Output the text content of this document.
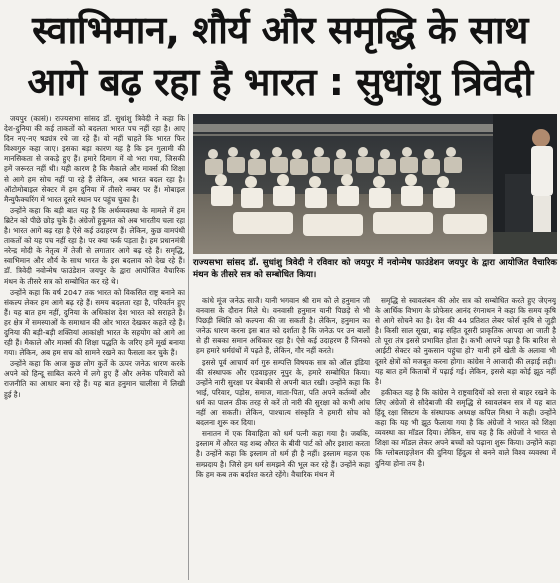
स्वाभिमान, शौर्य और समृद्धि के साथ
आगे बढ़ रहा है भारत : सुधांशु त्रिवेदी

जयपुर (कासं)। राज्यसभा सांसद डॉ. सुधांशु त्रिवेदी ने कहा कि देश-दुनिया की कई ताकतों को बदलता भारत पच नहीं रहा है। आए दिन नए-नए षड्यंत्र रचे जा रहे हैं। वो नहीं चाहते कि भारत फिर विश्वगुरु कहा जाए। इसका बड़ा कारण यह है कि इन गुलामी की मानसिकता से जकड़े हुए हैं। हमारे दिमाग में वो भरा गया, जिसकी हमें जरूरत नहीं थी। यही कारण है कि मैकाले और मार्क्स की शिक्षा से आगे हम सोच नहीं पा रहे हैं लेकिन, अब भारत बदल रहा है। ऑटोमोबाइल सेक्टर में हम दुनिया में तीसरे नम्बर पर हैं। मोबाइल मैन्युफैक्चरिंग में भारत दूसरे स्थान पर पहुंच चुका है।

उन्होंने कहा कि बड़ी बात यह है कि अर्थव्यवस्था के मामले में हम ब्रिटेन को पीछे छोड़ चुके हैं। अंग्रेजों हुकूमत को अब भारतीय चला रहा है। भारत आगे बढ़ रहा है ऐसे कई उदाहरण हैं। लेकिन, कुछ वामपंथी ताकतों को यह पच नहीं रहा है। पर क्या फर्क पड़ता है। हम प्रधानमंत्री नरेन्द्र मोदी के नेतृत्व में तेजी से लगातार आगे बढ़ रहे हैं। समृद्धि, स्वाभिमान और शौर्य के साथ भारत के इस बदलाव को देख रहे हैं। डॉ. त्रिवेदी नवोन्मेष फाउंडेशन जयपुर के द्वारा आयोजित वैचारिक मंथन के तीसरे सत्र को सम्बोधित कर रहे थे।

उन्होंने कहा कि वर्ष 2047 तक भारत को विकसित राष्ट्र बनाने का संकल्प लेकर हम आगे बढ़ रहे हैं। समय बदलता रहा है, परिवर्तन हुए हैं। यह बात हम नहीं, दुनिया के अधिकांश देश भारत को सराहते हैं। हर क्षेत्र में समस्याओं के समाधान की ओर भारत देखकर कहते रहे हैं। दुनिया की बड़ी-बड़ी शक्तियां आकांक्षी भारत के सहयोग को आगे आ रही हैं। मैकाले और मार्क्स की शिक्षा पद्धति के जरिए हमें मूर्ख बनाया गया। लेकिन, अब हम सच को सामने रखने का फैसला कर चुके हैं।

उन्होंने कहा कि आज कुछ लोग कुर्ते के ऊपर जनेऊ धारण करके अपने को हिन्दू साबित करने में लगे हुए हैं और अनेक परिवारों को राजनीति का आधार बना रहे हैं। यह बात हनुमान चालीसा में लिखी हुई है।

राज्यसभा सांसद डॉ. सुधांशु त्रिवेदी ने रविवार को जयपुर में नवोन्मेष फाउंडेशन जयपुर के द्वारा आयोजित वैचारिक मंथन के तीसरे सत्र को सम्बोधित किया।

कांधे मूंज जनेऊ साजै। यानी भगवान श्री राम को ले हनुमान जी वनवास के दौरान मिले थे। वनवासी हनुमान यानी पिछड़े से भी पिछड़ी स्थिति को कल्पना की जा सकती है। लेकिन, हनुमान का जनेऊ धारण करना इस बात को दर्शाता है कि जनेऊ पर उन बालों से ही सबका समान अधिकार रहा है। ऐसे कई उदाहरण हैं जिनको हम हमारे धर्मग्रंथों में पढ़ते हैं, लेकिन, गौर नहीं करते।

इससे पूर्व आचार्य वर्ग गुरु सम्पत्ति विषयक सत्र को ऑल इंडिया की संस्थापक और एडवाइज़र नूपुर के, हमारे सम्बोधित किया। उन्होंने नारी सुरक्षा पर बेबाकी से अपनी बात रखी। उन्होंने कहा कि भाई, परिवार, पड़ोस, समाज, माता-पिता, पति अपने कर्तव्यों और धर्म का पालन ठीक तरह से करें तो नारी की सुरक्षा को कभी आंच नहीं आ सकती। लेकिन, पाश्चात्य संस्कृति ने हमारी सोच को बदलना शुरू कर दिया।

सनातन में एक विवाहिता को धर्म पत्नी कहा गया है। जबकि, इस्लाम में औरत यह शब्द औरत के बीवी पार्ट को और इशारा करता है। उन्होंने कहा कि इस्लाम तो धर्म ही है नहीं। इस्लाम महज एक सम्प्रदाय है। जिसे हम धर्म समझने की भूल कर रहे हैं। उन्होंने कहा कि हम कब तक बर्दाश्त करते रहेंगे। वैचारिक मंथन में

समृद्धि से स्वावलंबन की ओर सत्र को सम्बोधित करते हुए जेएनयू के आर्थिक विभाग के प्रोफेसर आनंद रंगनाथन ने कहा कि समय कृषि से आगे सोचने का है। देश की 44 प्रतिशत लेबर फोर्स कृषि से जुड़ी है। किसी साल सूखा, बाढ़ सहित दूसरी प्राकृतिक आपदा आ जाती है तो पूरा तंत्र इससे प्रभावित होता है। कभी आपने पढ़ा है कि बारिश से आईटी सेक्टर को नुकसान पहुंचा हो? यानी हमें खेती के अलावा भी दूसरे क्षेत्रों को मजबूत करना होगा। कांग्रेस ने आजादी की लड़ाई लड़ी। यह बात हमें किताबों में पढ़ाई गई। लेकिन, इससे बड़ा कोई झूठ नहीं है।

हकीकत यह है कि कांग्रेस ने राष्ट्रवादियों को सत्ता से बाहर रखने के लिए अंग्रेजों से सौदेबाजी की समृद्धि से स्वावलंबन सत्र में यह बात हिंदू रक्षा सिस्टम के संस्थापक अध्यक्ष कपिल मिश्रा ने कही। उन्होंने कहा कि यह भी झूठ फैलाया गया है कि अंग्रेजों ने भारत को शिक्षा व्यवस्था का मॉडल दिया। लेकिन, सच यह है कि अंग्रेजों ने भारत से शिक्षा का मॉडल लेकर अपने बच्चों को पढ़ाना शुरू किया। उन्होंने कहा कि ग्लोबलाइज़ेशन की दुनिया हिंदुत्व से बनने वाले विश्व व्यवस्था में दुनिया होना तय है।
